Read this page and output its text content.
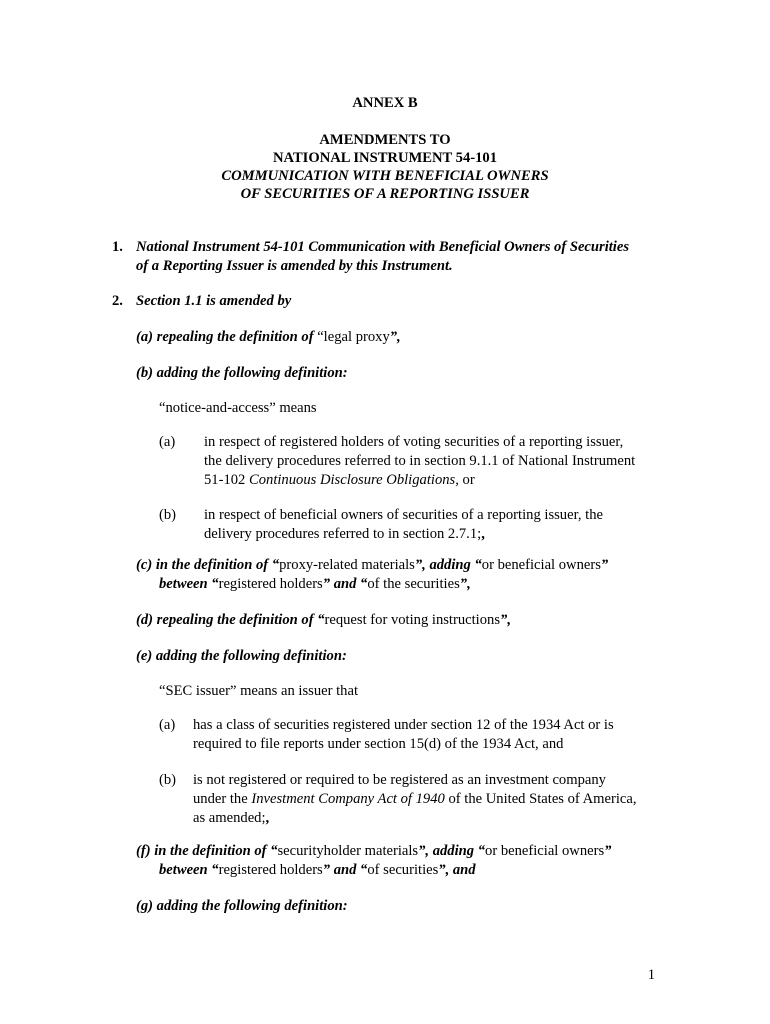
ANNEX B
AMENDMENTS TO
NATIONAL INSTRUMENT 54-101
COMMUNICATION WITH BENEFICIAL OWNERS
OF SECURITIES OF A REPORTING ISSUER
1. National Instrument 54-101 Communication with Beneficial Owners of Securities
of a Reporting Issuer is amended by this Instrument.
2. Section 1.1 is amended by
(a) repealing the definition of “legal proxy”,
(b) adding the following definition:
“notice-and-access” means
(a) in respect of registered holders of voting securities of a reporting issuer,
the delivery procedures referred to in section 9.1.1 of National Instrument
51-102 Continuous Disclosure Obligations, or
(b) in respect of beneficial owners of securities of a reporting issuer, the
delivery procedures referred to in section 2.7.1;,
(c) in the definition of “proxy-related materials”, adding “or beneficial owners”
between “registered holders” and “of the securities”,
(d) repealing the definition of “request for voting instructions”,
(e) adding the following definition:
“SEC issuer” means an issuer that
(a) has a class of securities registered under section 12 of the 1934 Act or is
required to file reports under section 15(d) of the 1934 Act, and
(b) is not registered or required to be registered as an investment company
under the Investment Company Act of 1940 of the United States of America,
as amended;,
(f) in the definition of “securityholder materials”, adding “or beneficial owners”
between “registered holders” and “of securities”, and
(g) adding the following definition:
1
